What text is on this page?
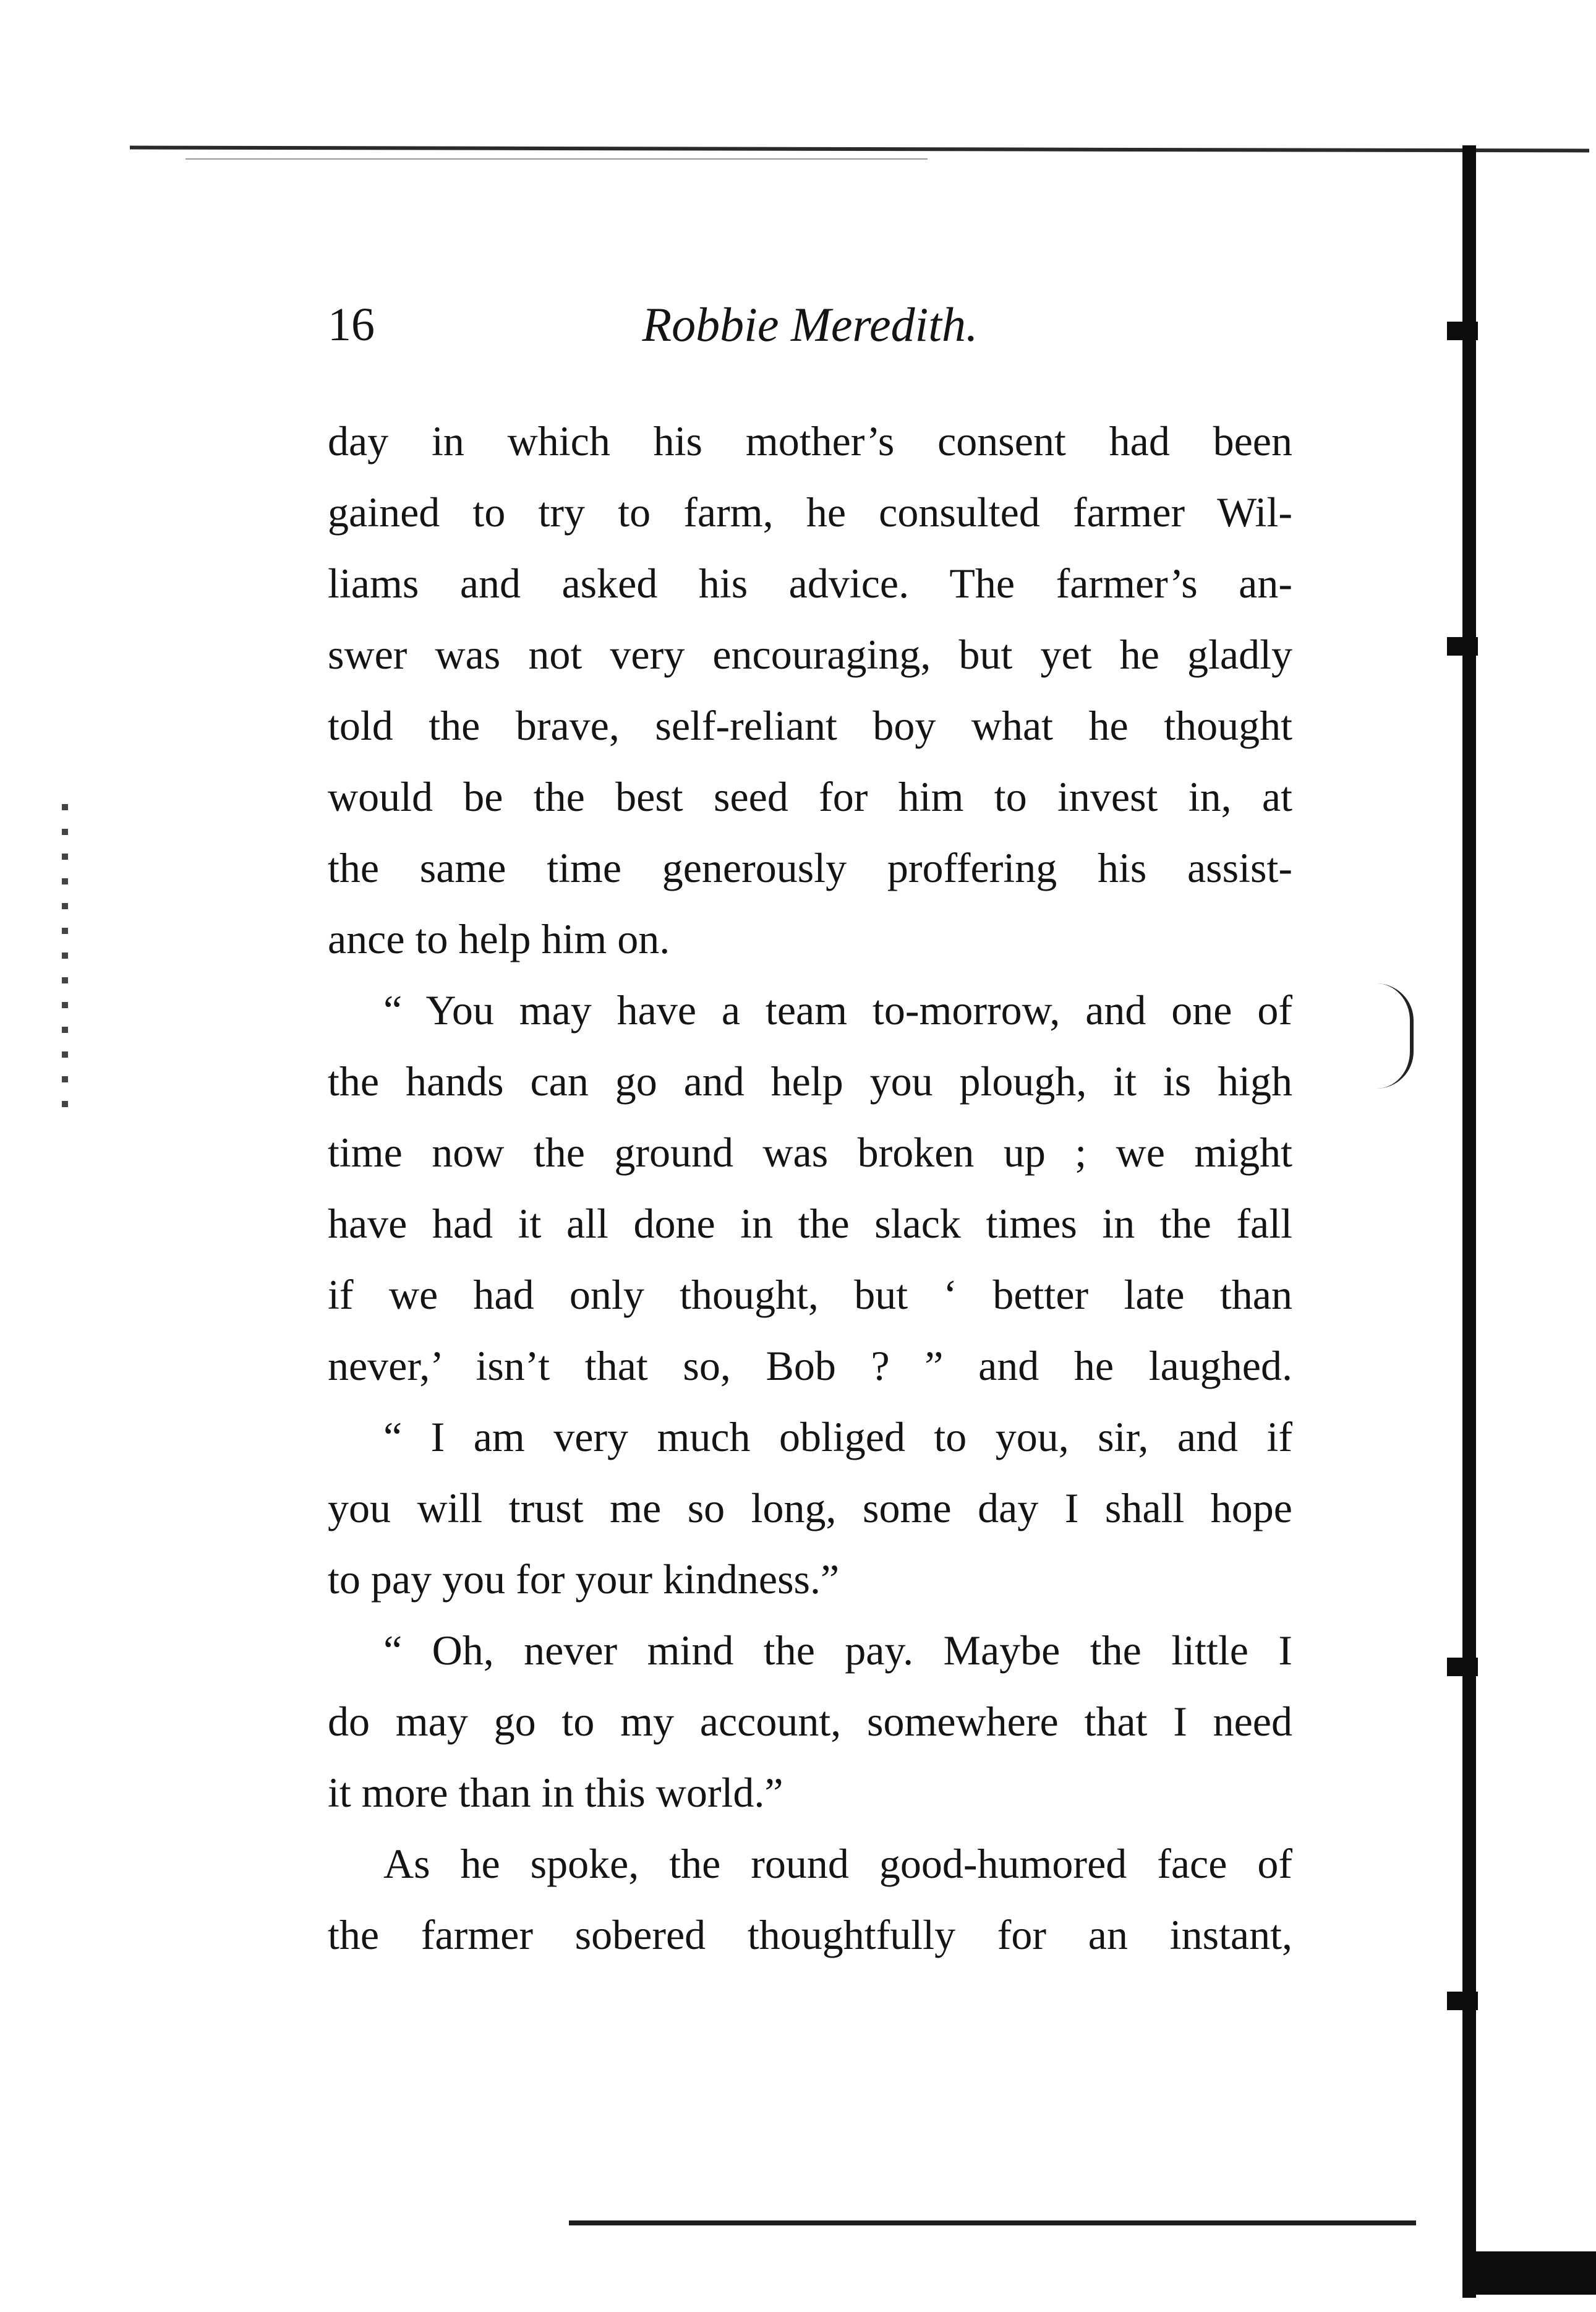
16	Robbie Meredith.

day in which his mother’s consent had been

gained to try to farm, he consulted farmer Wil-

liams and asked his advice. The farmer’s an-

swer was not very encouraging, but yet he gladly

told the brave, self-reliant boy what he thought

would be the best seed for him to invest in, at

the same time generously proffering his assist-

ance to help him on.

“ You may have a team to-morrow, and one of

the hands can go and help you plough, it is high

time now the ground was broken up ; we might

have had it all done in the slack times in the fall

if we had only thought, but ‘ better late than

never,’ isn’t that so, Bob ? ” and he laughed.

“ I am very much obliged to you, sir, and if

you will trust me so long, some day I shall hope

to pay you for your kindness.”

“ Oh, never mind the pay. Maybe the little I

do may go to my account, somewhere that I need

it more than in this world.”

As he spoke, the round good-humored face of

the farmer sobered thoughtfully for an instant,
